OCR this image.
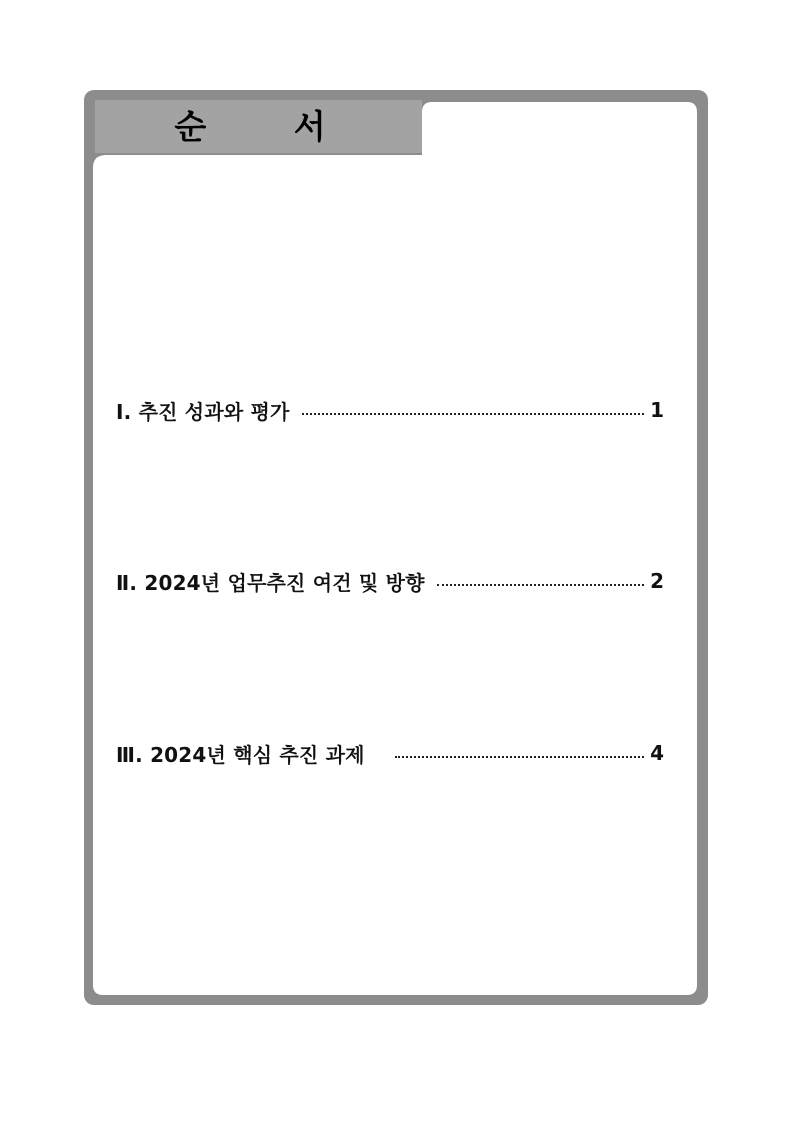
순 서
Ⅰ. 추진 성과와 평가	1
Ⅱ. 2024년 업무추진 여건 및 방향	2
Ⅲ. 2024년 핵심 추진 과제	4
